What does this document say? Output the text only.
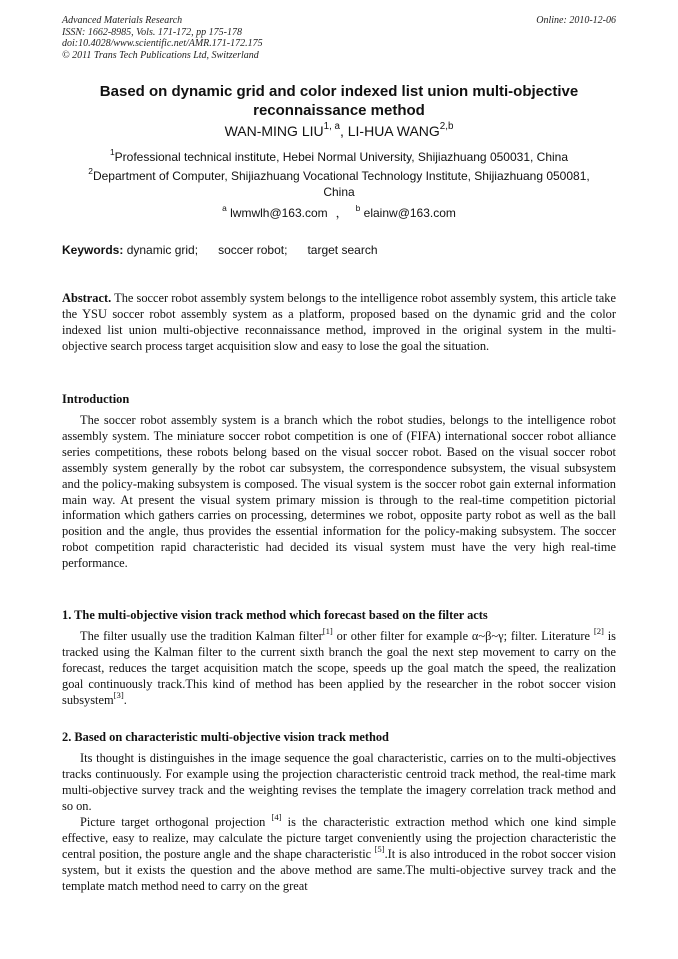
Advanced Materials Research
ISSN: 1662-8985, Vols. 171-172, pp 175-178
doi:10.4028/www.scientific.net/AMR.171-172.175
© 2011 Trans Tech Publications Ltd, Switzerland
Online: 2010-12-06
Based on dynamic grid and color indexed list union multi-objective reconnaissance method
WAN-MING LIU$^{1, a}$, LI-HUA WANG$^{2,b}$
$^1$Professional technical institute, Hebei Normal University, Shijiazhuang 050031, China
$^2$Department of Computer, Shijiazhuang Vocational Technology Institute, Shijiazhuang 050081, China
$^a$ lwmwlh@163.com ， $^b$ elainw@163.com
Keywords: dynamic grid; soccer robot; target search
Abstract. The soccer robot assembly system belongs to the intelligence robot assembly system, this article take the YSU soccer robot assembly system as a platform, proposed based on the dynamic grid and the color indexed list union multi-objective reconnaissance method, improved in the original system in the multi-objective search process target acquisition slow and easy to lose the goal the situation.
Introduction
The soccer robot assembly system is a branch which the robot studies, belongs to the intelligence robot assembly system. The miniature soccer robot competition is one of (FIFA) international soccer robot alliance series competitions, these robots belong based on the visual soccer robot. Based on the visual soccer robot assembly system generally by the robot car subsystem, the correspondence subsystem, the visual subsystem and the policy-making subsystem is composed. The visual system is the soccer robot gain external information main way. At present the visual system primary mission is through to the real-time competition pictorial information which gathers carries on processing, determines we robot, opposite party robot as well as the ball position and the angle, thus provides the essential information for the policy-making subsystem. The soccer robot competition rapid characteristic had decided its visual system must have the very high real-time performance.
1. The multi-objective vision track method which forecast based on the filter acts
The filter usually use the tradition Kalman filter[1] or other filter for example α~β~γ; filter. Literature [2] is tracked using the Kalman filter to the current sixth branch the goal the next step movement to carry on the forecast, reduces the target acquisition match the scope, speeds up the goal match the speed, the realization goal continuously track.This kind of method has been applied by the researcher in the robot soccer vision subsystem[3].
2. Based on characteristic multi-objective vision track method
Its thought is distinguishes in the image sequence the goal characteristic, carries on to the multi-objectives tracks continuously. For example using the projection characteristic centroid track method, the real-time mark multi-objective survey track and the weighting revises the template the imagery correlation track method and so on.
Picture target orthogonal projection [4] is the characteristic extraction method which one kind simple effective, easy to realize, may calculate the picture target conveniently using the projection characteristic the central position, the posture angle and the shape characteristic [5].It is also introduced in the robot soccer vision system, but it exists the question and the above method are same.The multi-objective survey track and the template match method need to carry on the great
